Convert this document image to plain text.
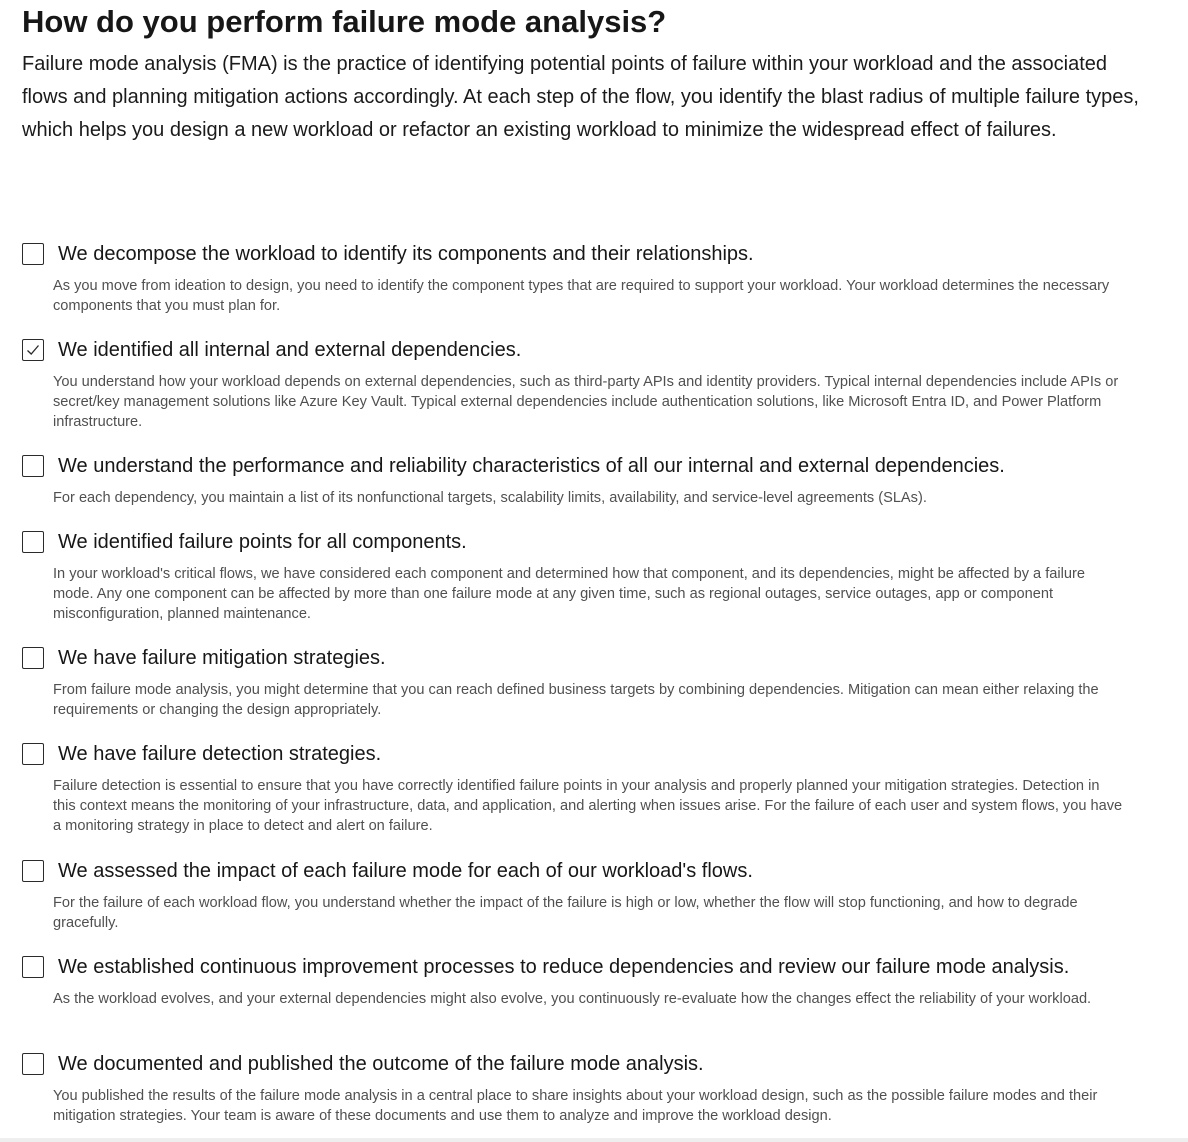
How do you perform failure mode analysis?

Failure mode analysis (FMA) is the practice of identifying potential points of failure within your workload and the associated flows and planning mitigation actions accordingly. At each step of the flow, you identify the blast radius of multiple failure types, which helps you design a new workload or refactor an existing workload to minimize the widespread effect of failures.

We decompose the workload to identify its components and their relationships.
As you move from ideation to design, you need to identify the component types that are required to support your workload. Your workload determines the necessary components that you must plan for.
We identified all internal and external dependencies.
You understand how your workload depends on external dependencies, such as third-party APIs and identity providers. Typical internal dependencies include APIs or secret/key management solutions like Azure Key Vault. Typical external dependencies include authentication solutions, like Microsoft Entra ID, and Power Platform infrastructure.
We understand the performance and reliability characteristics of all our internal and external dependencies.
For each dependency, you maintain a list of its nonfunctional targets, scalability limits, availability, and service-level agreements (SLAs).
We identified failure points for all components.
In your workload's critical flows, we have considered each component and determined how that component, and its dependencies, might be affected by a failure mode. Any one component can be affected by more than one failure mode at any given time, such as regional outages, service outages, app or component misconfiguration, planned maintenance.
We have failure mitigation strategies.
From failure mode analysis, you might determine that you can reach defined business targets by combining dependencies. Mitigation can mean either relaxing the requirements or changing the design appropriately.
We have failure detection strategies.
Failure detection is essential to ensure that you have correctly identified failure points in your analysis and properly planned your mitigation strategies. Detection in this context means the monitoring of your infrastructure, data, and application, and alerting when issues arise. For the failure of each user and system flows, you have a monitoring strategy in place to detect and alert on failure.
We assessed the impact of each failure mode for each of our workload's flows.
For the failure of each workload flow, you understand whether the impact of the failure is high or low, whether the flow will stop functioning, and how to degrade gracefully.
We established continuous improvement processes to reduce dependencies and review our failure mode analysis.
As the workload evolves, and your external dependencies might also evolve, you continuously re-evaluate how the changes effect the reliability of your workload.
We documented and published the outcome of the failure mode analysis.
You published the results of the failure mode analysis in a central place to share insights about your workload design, such as the possible failure modes and their mitigation strategies. Your team is aware of these documents and use them to analyze and improve the workload design.
